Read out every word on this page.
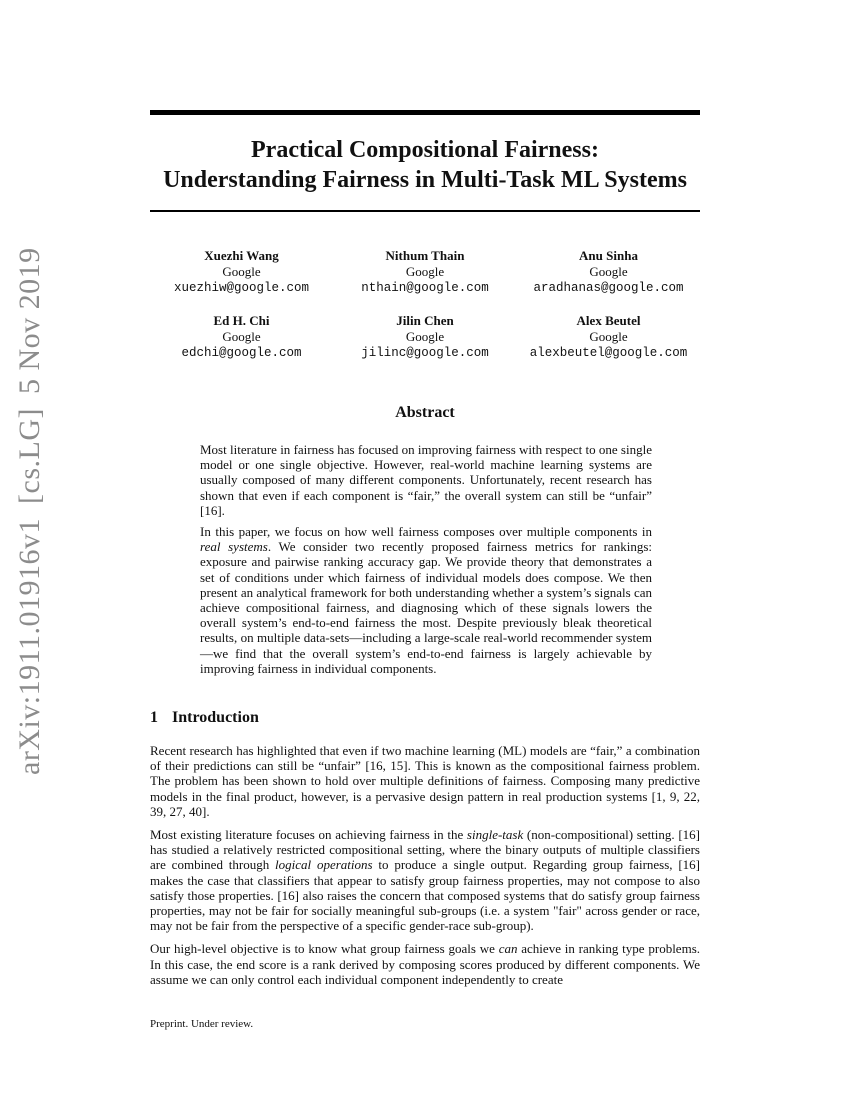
arXiv:1911.01916v1
[cs.LG]
5 Nov 2019
Practical Compositional Fairness:
Understanding Fairness in Multi-Task ML Systems
Xuezhi Wang
Google
xuezhiw@google.com
Nithum Thain
Google
nthain@google.com
Anu Sinha
Google
aradhanas@google.com
Ed H. Chi
Google
edchi@google.com
Jilin Chen
Google
jilinc@google.com
Alex Beutel
Google
alexbeutel@google.com
Abstract

Most literature in fairness has focused on improving fairness with respect to one single model or one single objective. However, real-world machine learning systems are usually composed of many different components. Unfortunately, recent research has shown that even if each component is “fair,” the overall system can still be “unfair” [16].

In this paper, we focus on how well fairness composes over multiple components in real systems. We consider two recently proposed fairness metrics for rankings: exposure and pairwise ranking accuracy gap. We provide theory that demonstrates a set of conditions under which fairness of individual models does compose. We then present an analytical framework for both understanding whether a system’s signals can achieve compositional fairness, and diagnosing which of these signals lowers the overall system’s end-to-end fairness the most. Despite previously bleak theoretical results, on multiple data-sets—including a large-scale real-world recommender system—we find that the overall system’s end-to-end fairness is largely achievable by improving fairness in individual components.

1 Introduction

Recent research has highlighted that even if two machine learning (ML) models are “fair,” a combination of their predictions can still be “unfair” [16, 15]. This is known as the compositional fairness problem. The problem has been shown to hold over multiple definitions of fairness. Composing many predictive models in the final product, however, is a pervasive design pattern in real production systems [1, 9, 22, 39, 27, 40].

Most existing literature focuses on achieving fairness in the single-task (non-compositional) setting. [16] has studied a relatively restricted compositional setting, where the binary outputs of multiple classifiers are combined through logical operations to produce a single output. Regarding group fairness, [16] makes the case that classifiers that appear to satisfy group fairness properties, may not compose to also satisfy those properties. [16] also raises the concern that composed systems that do satisfy group fairness properties, may not be fair for socially meaningful sub-groups (i.e. a system "fair" across gender or race, may not be fair from the perspective of a specific gender-race sub-group).

Our high-level objective is to know what group fairness goals we can achieve in ranking type problems. In this case, the end score is a rank derived by composing scores produced by different components. We assume we can only control each individual component independently to create

Preprint. Under review.
